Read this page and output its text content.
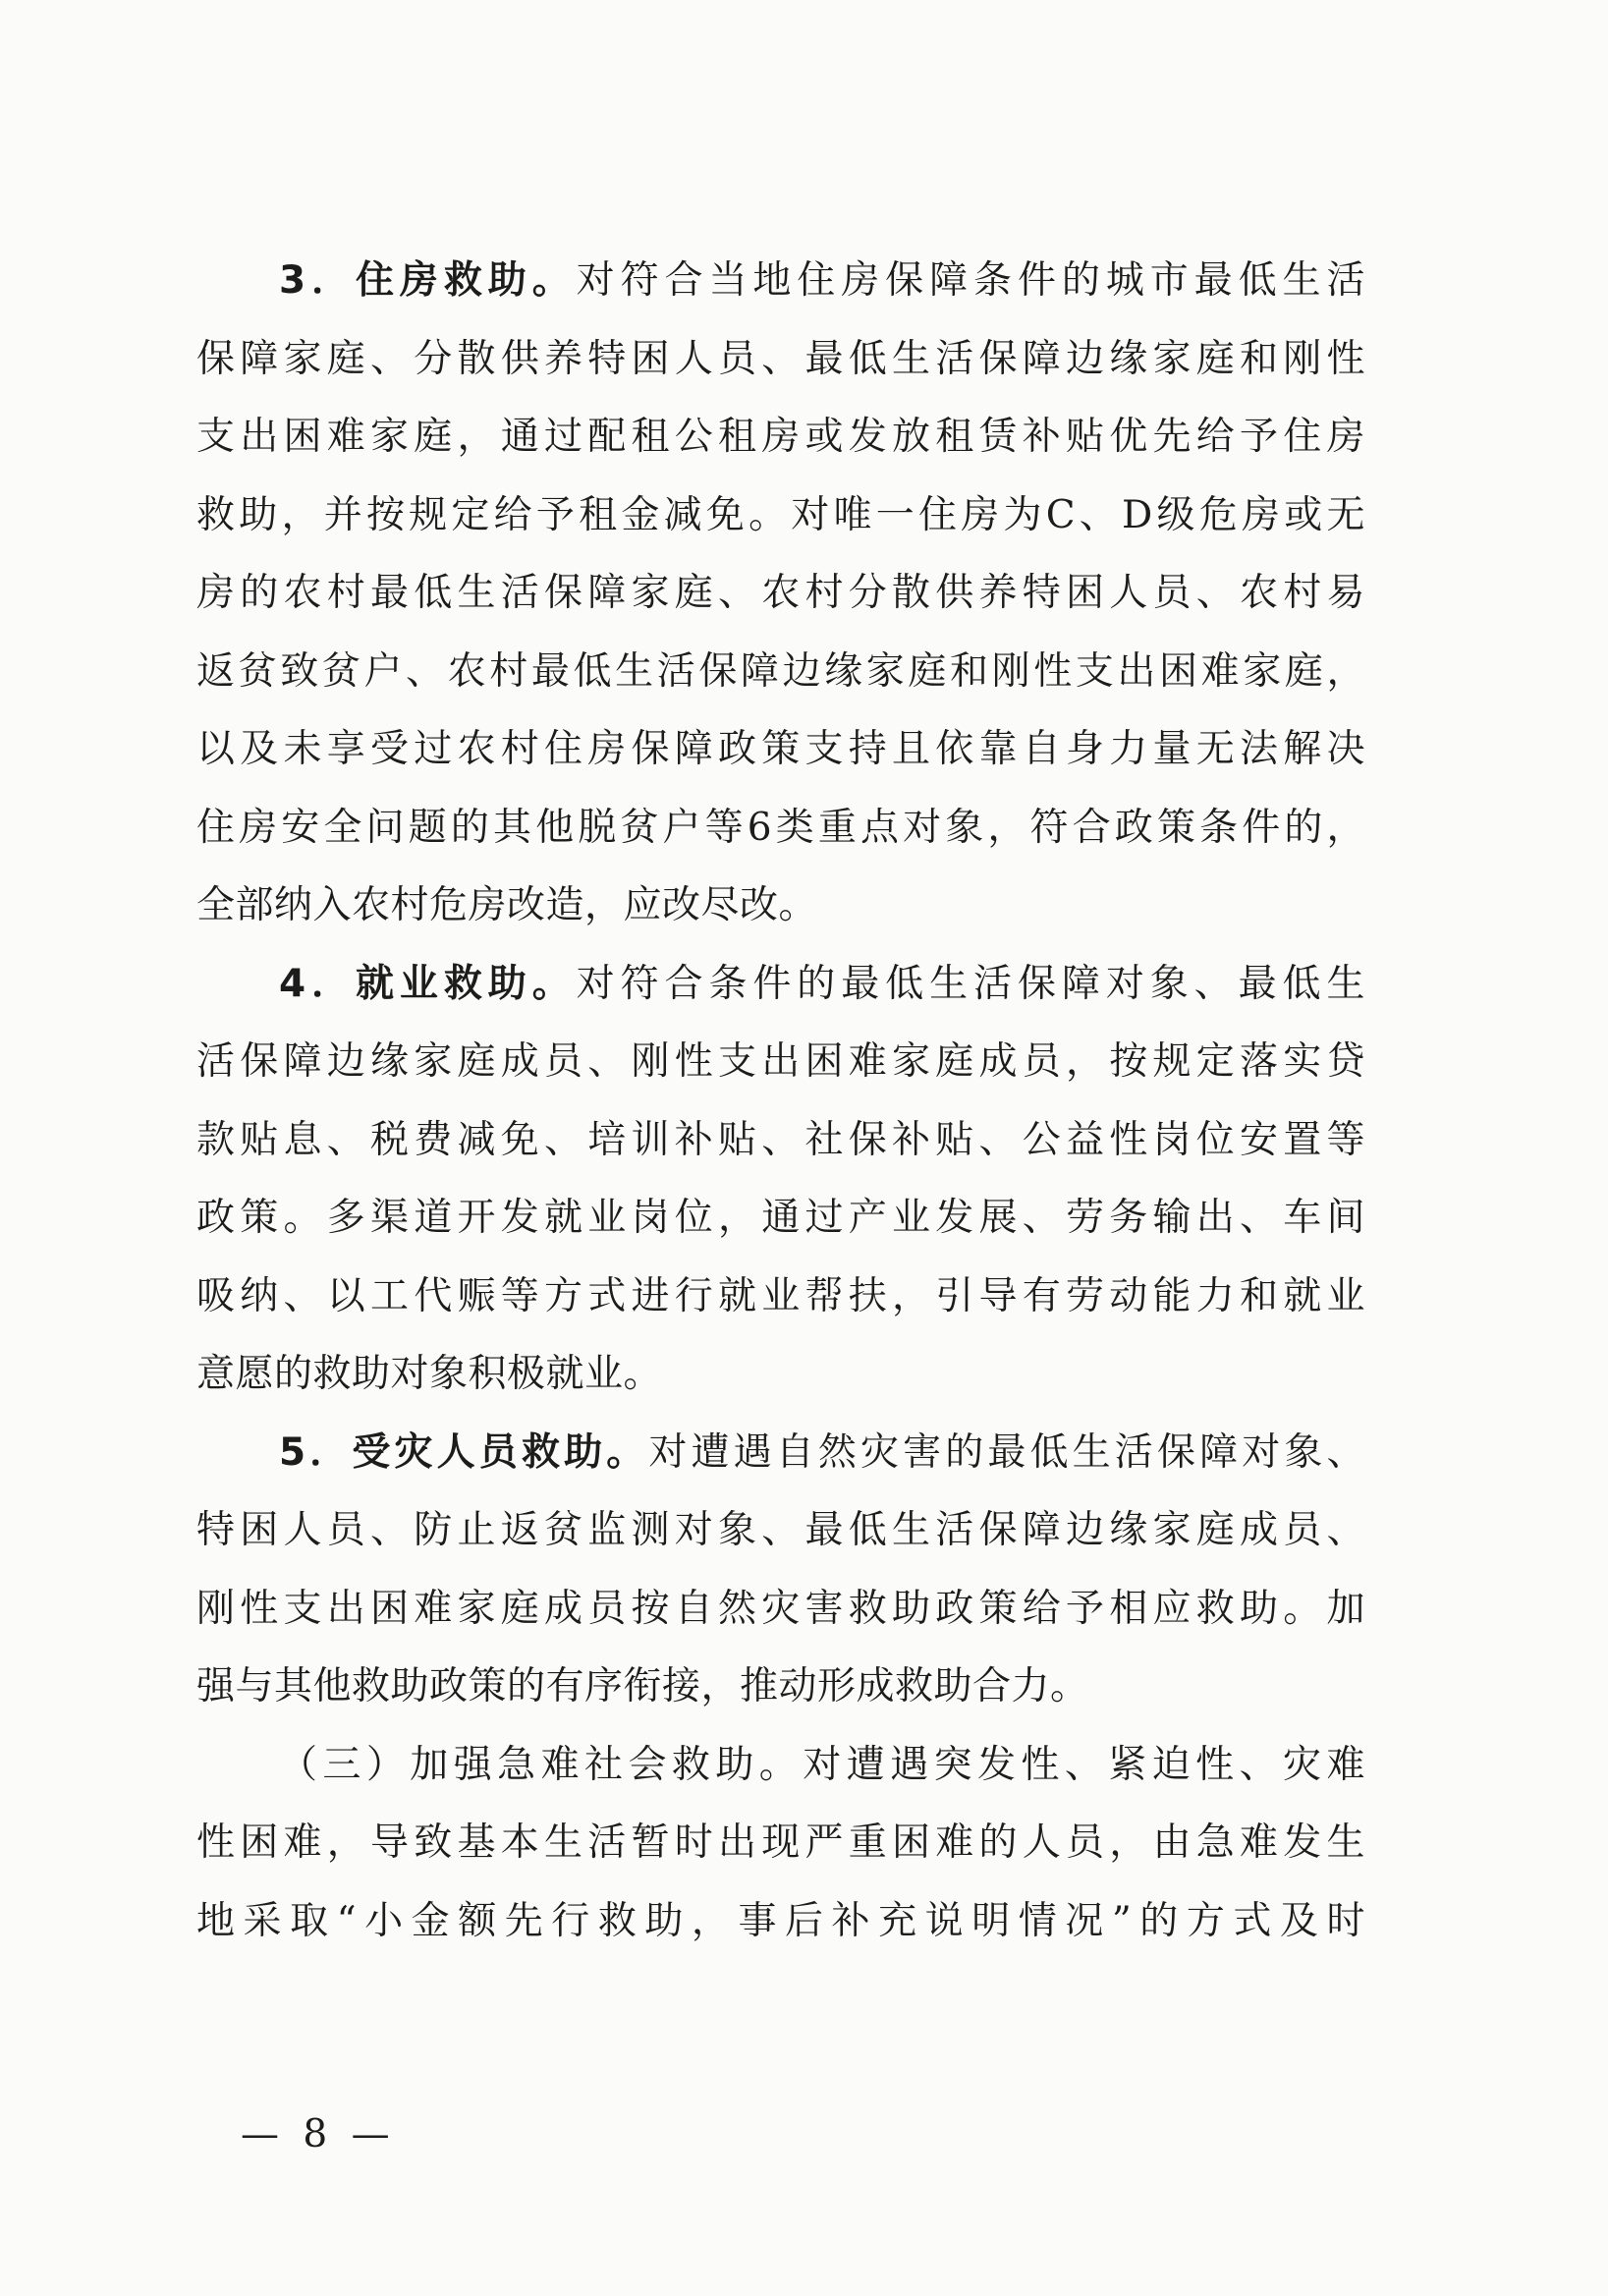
3．住房救助。对符合当地住房保障条件的城市最低生活
保障家庭、分散供养特困人员、最低生活保障边缘家庭和刚性
支出困难家庭，通过配租公租房或发放租赁补贴优先给予住房
救助，并按规定给予租金减免。对唯一住房为C、D级危房或无
房的农村最低生活保障家庭、农村分散供养特困人员、农村易
返贫致贫户、农村最低生活保障边缘家庭和刚性支出困难家庭，
以及未享受过农村住房保障政策支持且依靠自身力量无法解决
住房安全问题的其他脱贫户等6类重点对象，符合政策条件的，
全部纳入农村危房改造，应改尽改。
4．就业救助。对符合条件的最低生活保障对象、最低生
活保障边缘家庭成员、刚性支出困难家庭成员，按规定落实贷
款贴息、税费减免、培训补贴、社保补贴、公益性岗位安置等
政策。多渠道开发就业岗位，通过产业发展、劳务输出、车间
吸纳、以工代赈等方式进行就业帮扶，引导有劳动能力和就业
意愿的救助对象积极就业。
5．受灾人员救助。对遭遇自然灾害的最低生活保障对象、
特困人员、防止返贫监测对象、最低生活保障边缘家庭成员、
刚性支出困难家庭成员按自然灾害救助政策给予相应救助。加
强与其他救助政策的有序衔接，推动形成救助合力。
（三）加强急难社会救助。对遭遇突发性、紧迫性、灾难
性困难，导致基本生活暂时出现严重困难的人员，由急难发生
地采取“小金额先行救助，事后补充说明情况”的方式及时
— 8 —
